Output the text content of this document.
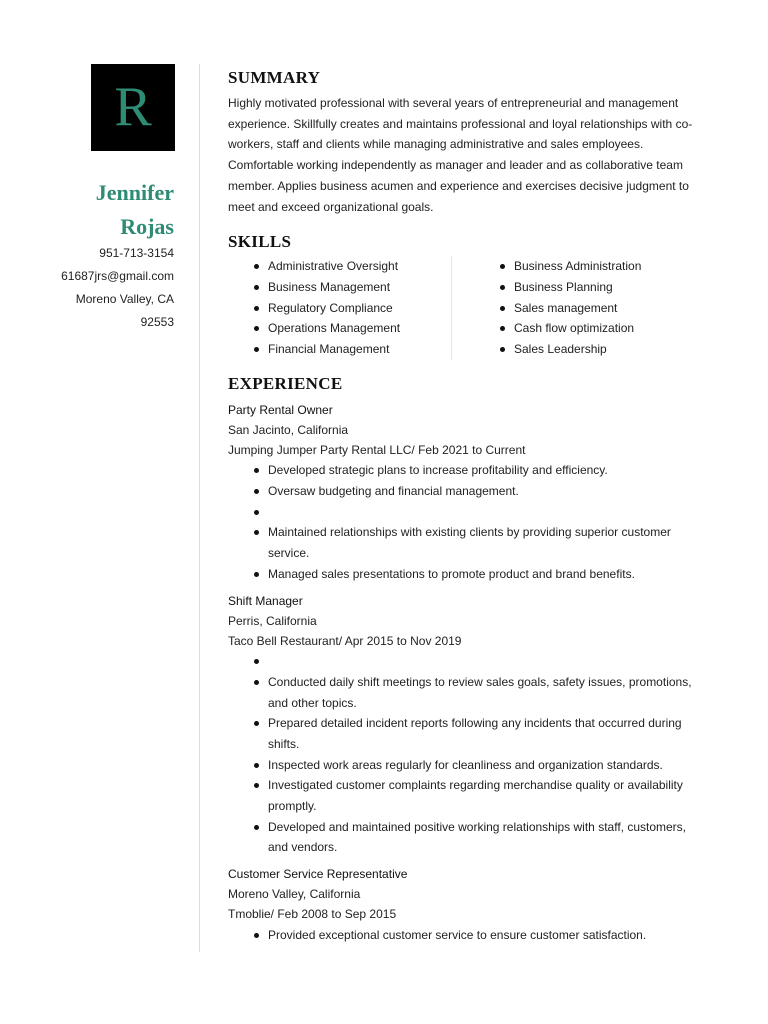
R
Jennifer
Rojas
951-713-3154
61687jrs@gmail.com
Moreno Valley, CA
92553
SUMMARY

Highly motivated professional with several years of entrepreneurial and management experience. Skillfully creates and maintains professional and loyal relationships with co-workers, staff and clients while managing administrative and sales employees. Comfortable working independently as manager and leader and as collaborative team member. Applies business acumen and experience and exercises decisive judgment to meet and exceed organizational goals.

SKILLS
Administrative Oversight
Business Management
Regulatory Compliance
Operations Management
Financial Management
Business Administration
Business Planning
Sales management
Cash flow optimization
Sales Leadership
EXPERIENCE
Party Rental Owner
San Jacinto, California
Jumping Jumper Party Rental LLC/ Feb 2021 to Current
Developed strategic plans to increase profitability and efficiency.
Oversaw budgeting and financial management.
Maintained relationships with existing clients by providing superior customer service.
Managed sales presentations to promote product and brand benefits.
Shift Manager
Perris, California
Taco Bell Restaurant/ Apr 2015 to Nov 2019
Conducted daily shift meetings to review sales goals, safety issues, promotions, and other topics.
Prepared detailed incident reports following any incidents that occurred during shifts.
Inspected work areas regularly for cleanliness and organization standards.
Investigated customer complaints regarding merchandise quality or availability promptly.
Developed and maintained positive working relationships with staff, customers, and vendors.
Customer Service Representative
Moreno Valley, California
Tmoblie/ Feb 2008 to Sep 2015
Provided exceptional customer service to ensure customer satisfaction.
